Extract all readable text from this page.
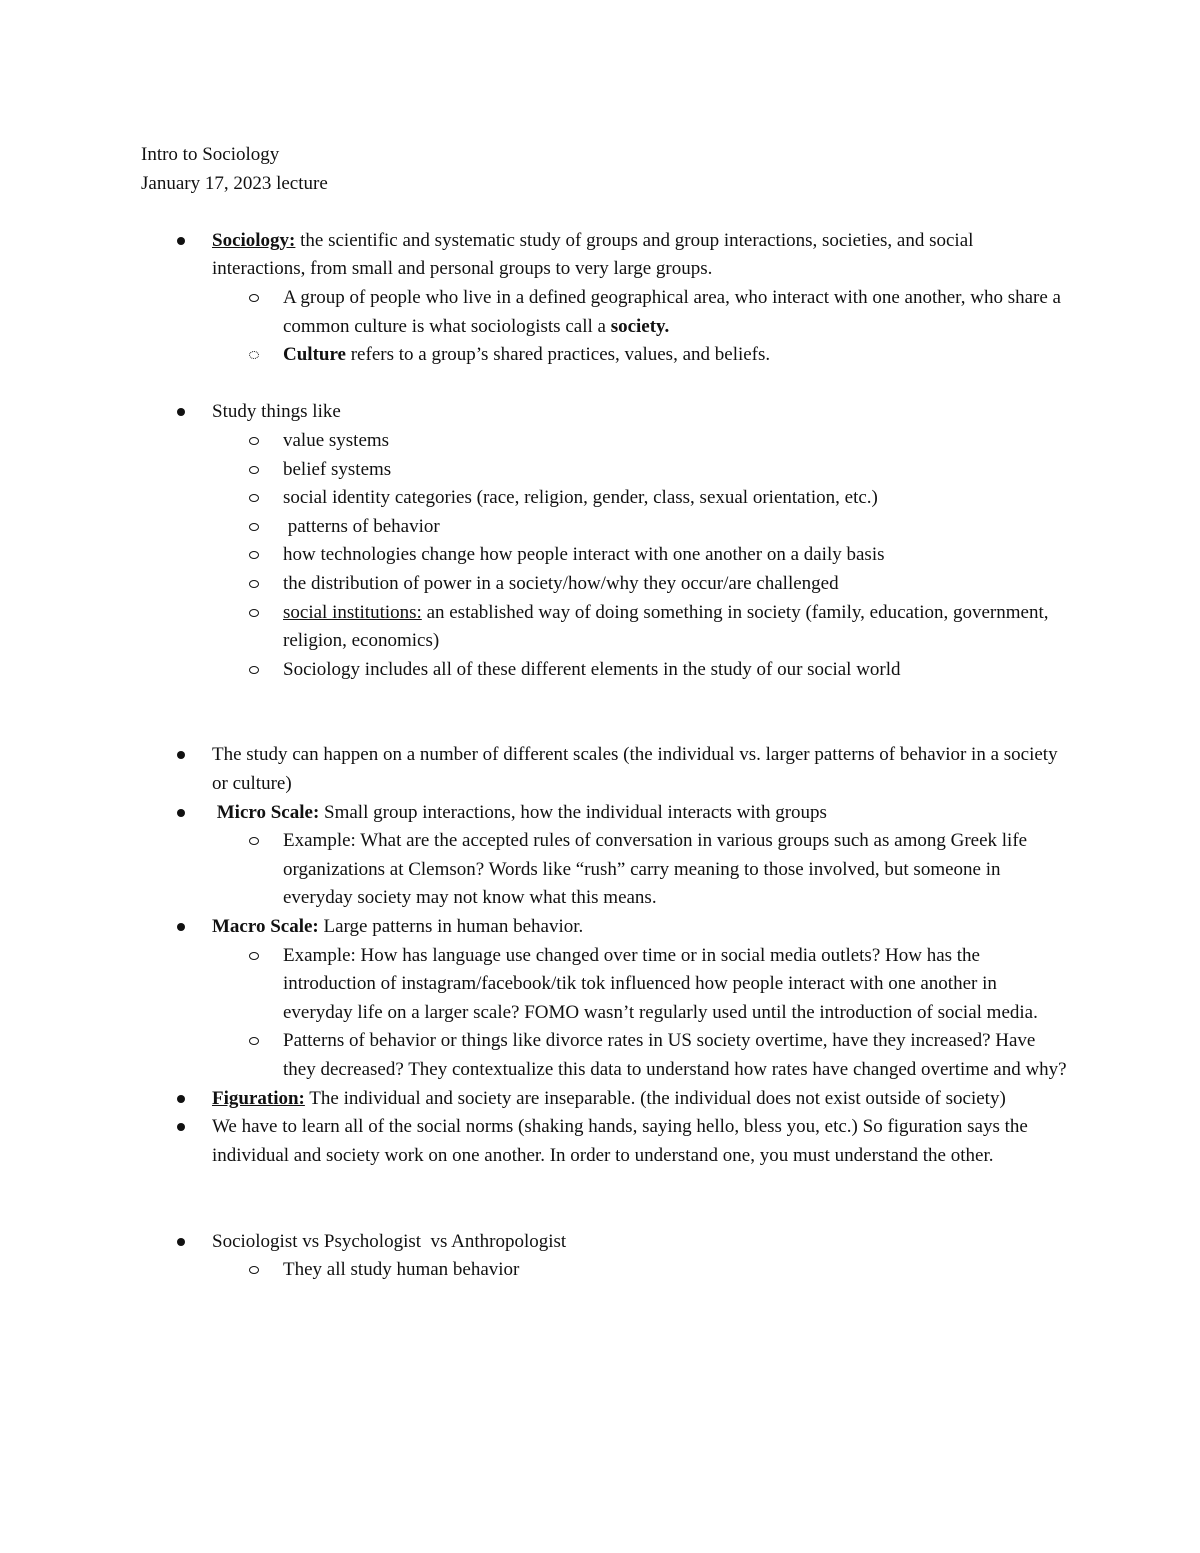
Intro to Sociology

January 17, 2023 lecture

Sociology: the scientific and systematic study of groups and group interactions, societies, and social interactions, from small and personal groups to very large groups.
A group of people who live in a defined geographical area, who interact with one another, who share a common culture is what sociologists call a society.
Culture refers to a group’s shared practices, values, and beliefs.
Study things like
value systems
belief systems
social identity categories (race, religion, gender, class, sexual orientation, etc.)
patterns of behavior
how technologies change how people interact with one another on a daily basis
the distribution of power in a society/how/why they occur/are challenged
social institutions: an established way of doing something in society (family, education, government, religion, economics)
Sociology includes all of these different elements in the study of our social world
The study can happen on a number of different scales (the individual vs. larger patterns of behavior in a society or culture)
Micro Scale: Small group interactions, how the individual interacts with groups
Example: What are the accepted rules of conversation in various groups such as among Greek life organizations at Clemson? Words like “rush” carry meaning to those involved, but someone in everyday society may not know what this means.
Macro Scale: Large patterns in human behavior.
Example: How has language use changed over time or in social media outlets? How has the introduction of instagram/facebook/tik tok influenced how people interact with one another in everyday life on a larger scale? FOMO wasn’t regularly used until the introduction of social media.
Patterns of behavior or things like divorce rates in US society overtime, have they increased? Have they decreased? They contextualize this data to understand how rates have changed overtime and why?
Figuration: The individual and society are inseparable. (the individual does not exist outside of society)
We have to learn all of the social norms (shaking hands, saying hello, bless you, etc.) So figuration says the individual and society work on one another. In order to understand one, you must understand the other.
Sociologist vs Psychologist  vs Anthropologist
They all study human behavior
